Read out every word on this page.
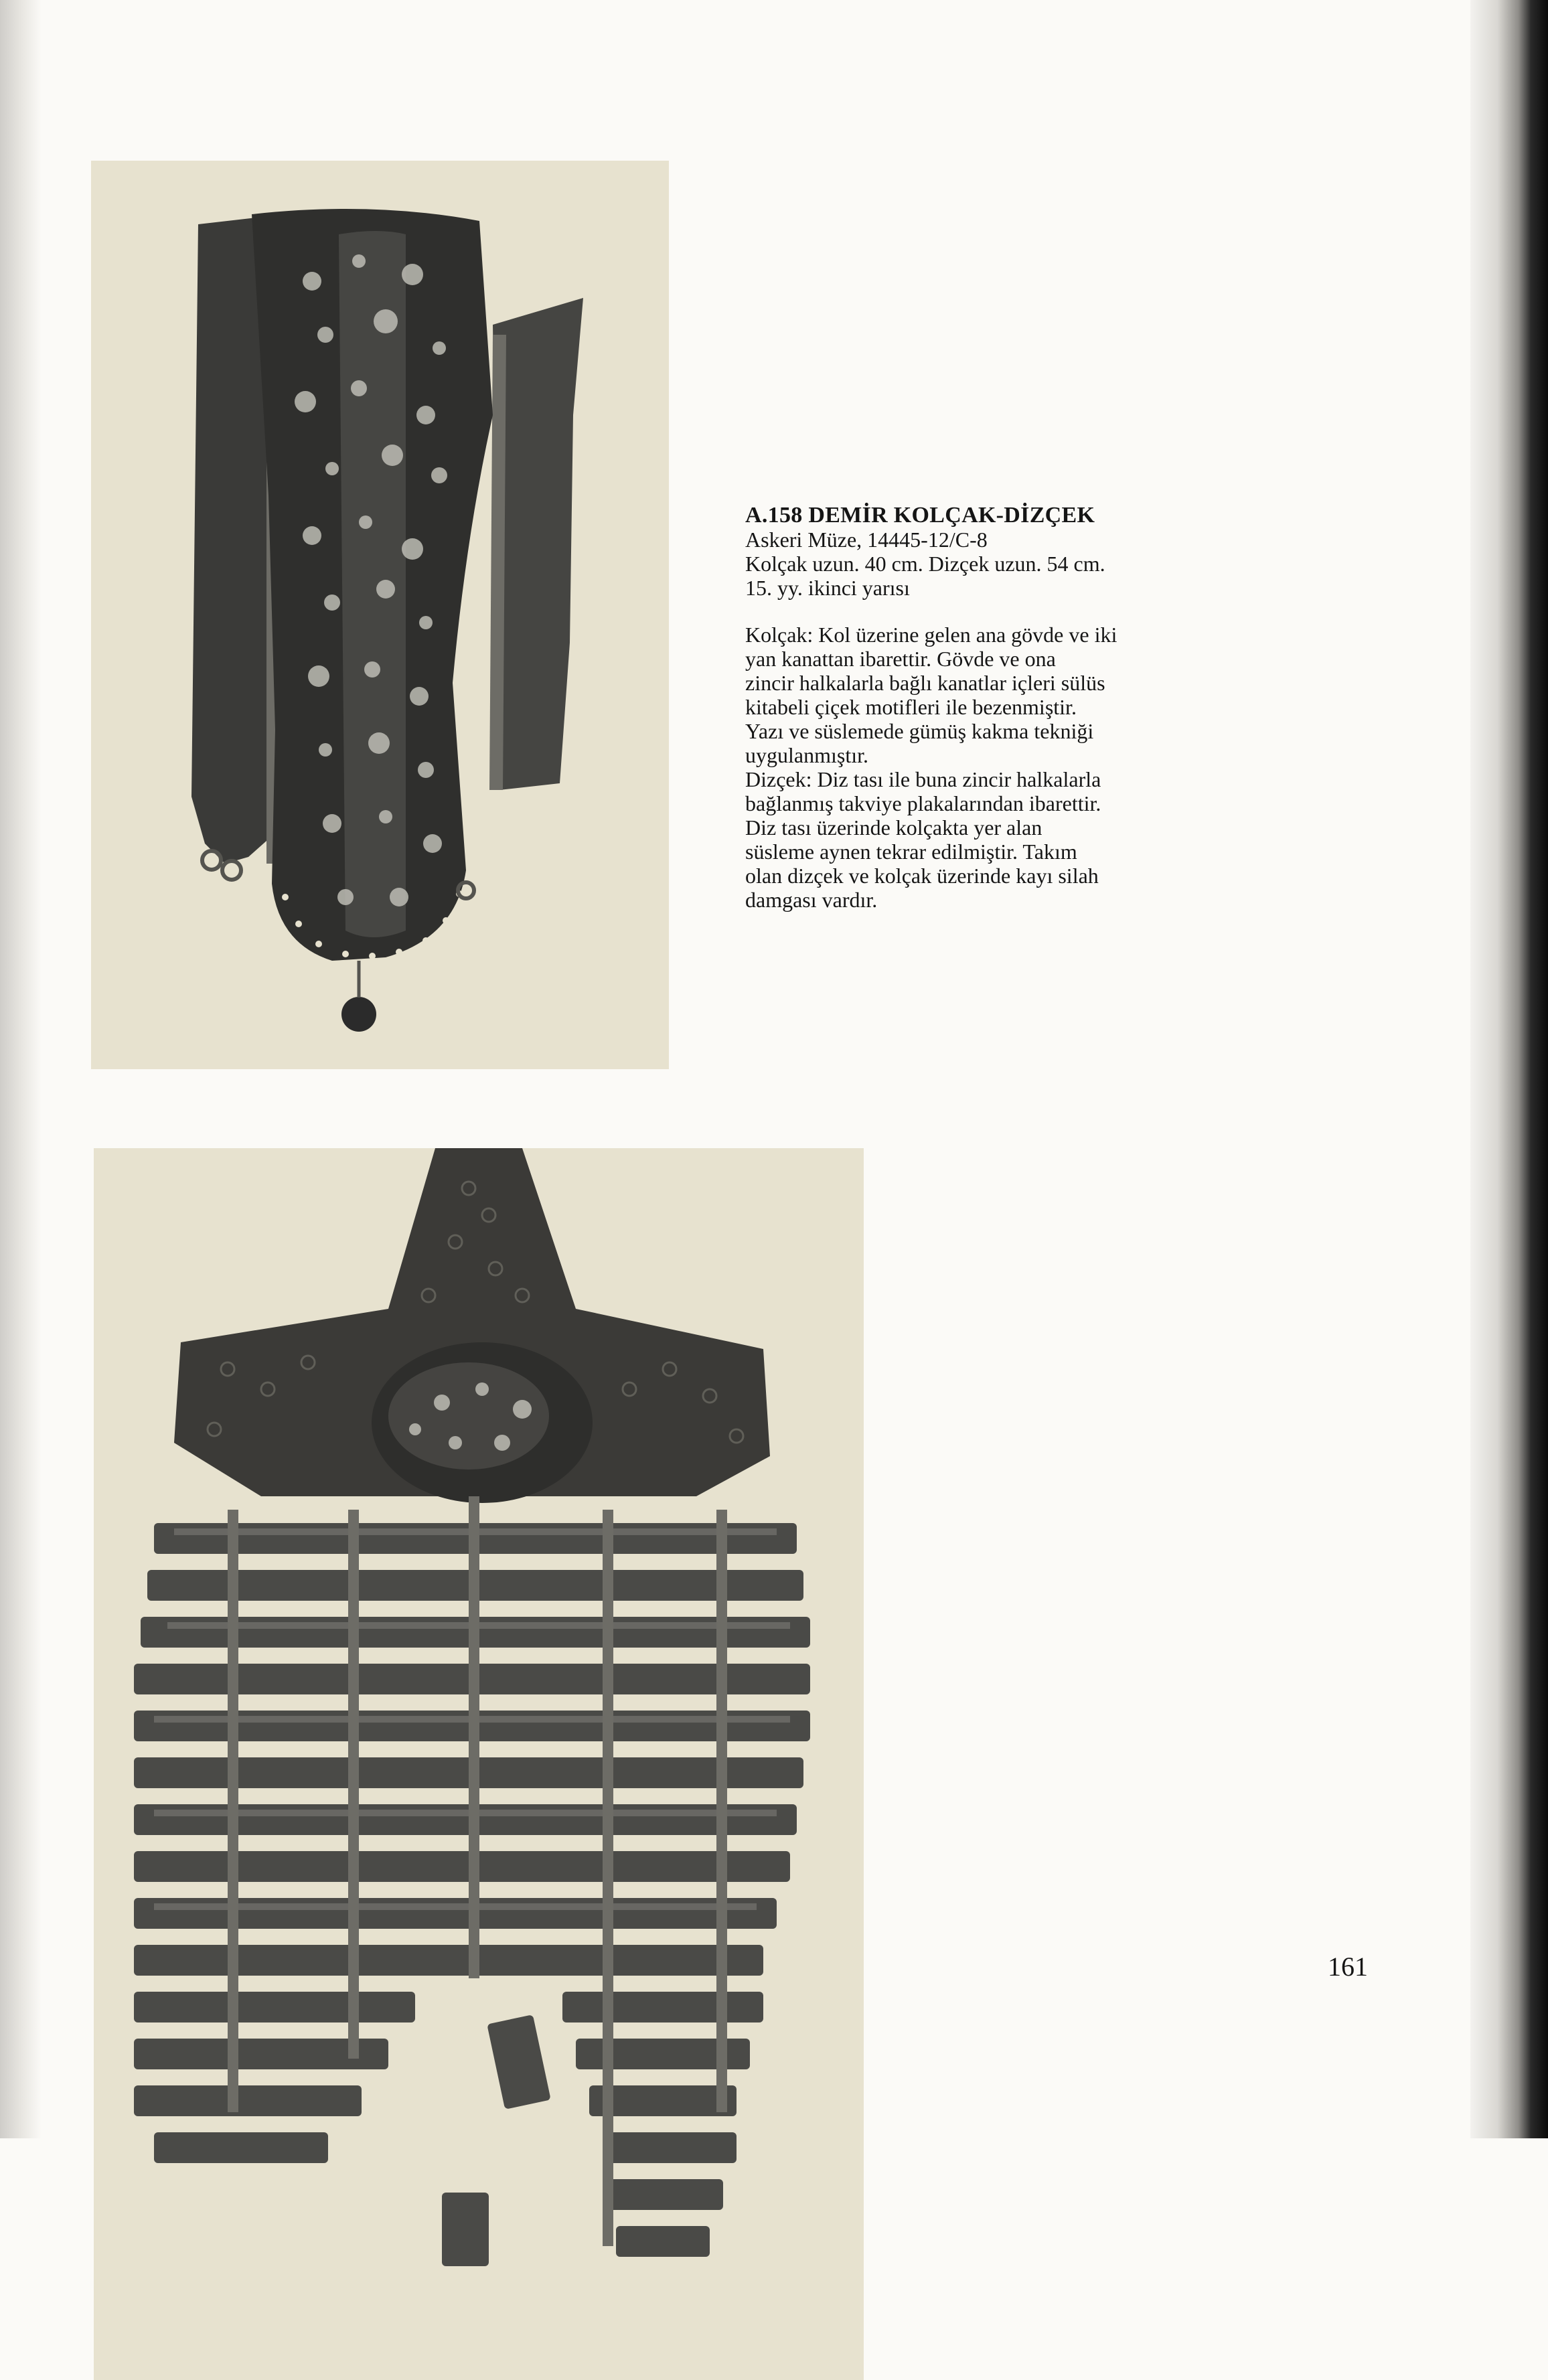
A.158 DEMİR KOLÇAK-DİZÇEK
Askeri Müze, 14445-12/C-8
Kolçak uzun. 40 cm. Dizçek uzun. 54 cm.
15. yy. ikinci yarısı

Kolçak: Kol üzerine gelen ana gövde ve iki

yan kanattan ibarettir. Gövde ve ona

zincir halkalarla bağlı kanatlar içleri sülüs

kitabeli çiçek motifleri ile bezenmiştir.

Yazı ve süslemede gümüş kakma tekniği

uygulanmıştır.

Dizçek: Diz tası ile buna zincir halkalarla

bağlanmış takviye plakalarından ibarettir.

Diz tası üzerinde kolçakta yer alan

süsleme aynen tekrar edilmiştir. Takım

olan dizçek ve kolçak üzerinde kayı silah

damgası vardır.

161
